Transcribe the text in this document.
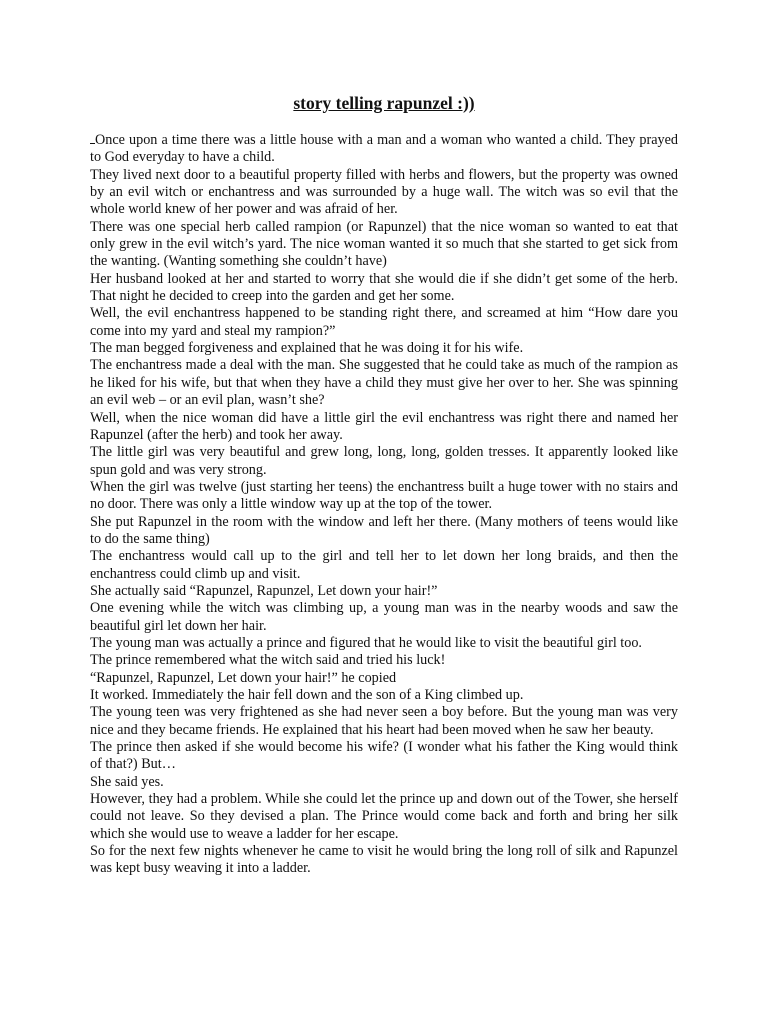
story telling rapunzel :))

Once upon a time there was a little house with a man and a woman who wanted a child. They prayed to God everyday to have a child.

They lived next door to a beautiful property filled with herbs and flowers, but the property was owned by an evil witch or enchantress and was surrounded by a huge wall. The witch was so evil that the whole world knew of her power and was afraid of her.

There was one special herb called rampion (or Rapunzel) that the nice woman so wanted to eat that only grew in the evil witch’s yard. The nice woman wanted it so much that she started to get sick from the wanting. (Wanting something she couldn’t have)

Her husband looked at her and started to worry that she would die if she didn’t get some of the herb. That night he decided to creep into the garden and get her some.

Well, the evil enchantress happened to be standing right there, and screamed at him “How dare you come into my yard and steal my rampion?”

The man begged forgiveness and explained that he was doing it for his wife.

The enchantress made a deal with the man. She suggested that he could take as much of the rampion as he liked for his wife, but that when they have a child they must give her over to her. She was spinning an evil web – or an evil plan, wasn’t she?

Well, when the nice woman did have a little girl the evil enchantress was right there and named her Rapunzel (after the herb) and took her away.

The little girl was very beautiful and grew long, long, long, golden tresses. It apparently looked like spun gold and was very strong.

When the girl was twelve (just starting her teens) the enchantress built a huge tower with no stairs and no door. There was only a little window way up at the top of the tower.

She put Rapunzel in the room with the window and left her there. (Many mothers of teens would like to do the same thing)

The enchantress would call up to the girl and tell her to let down her long braids, and then the enchantress could climb up and visit.

She actually said “Rapunzel, Rapunzel, Let down your hair!”

One evening while the witch was climbing up, a young man was in the nearby woods and saw the beautiful girl let down her hair.

The young man was actually a prince and figured that he would like to visit the beautiful girl too.

The prince remembered what the witch said and tried his luck!

“Rapunzel, Rapunzel, Let down your hair!” he copied

It worked. Immediately the hair fell down and the son of a King climbed up.

The young teen was very frightened as she had never seen a boy before. But the young man was very nice and they became friends. He explained that his heart had been moved when he saw her beauty.

The prince then asked if she would become his wife? (I wonder what his father the King would think of that?) But…

She said yes.

However, they had a problem. While she could let the prince up and down out of the Tower, she herself could not leave. So they devised a plan. The Prince would come back and forth and bring her silk which she would use to weave a ladder for her escape.

So for the next few nights whenever he came to visit he would bring the long roll of silk and Rapunzel was kept busy weaving it into a ladder.
